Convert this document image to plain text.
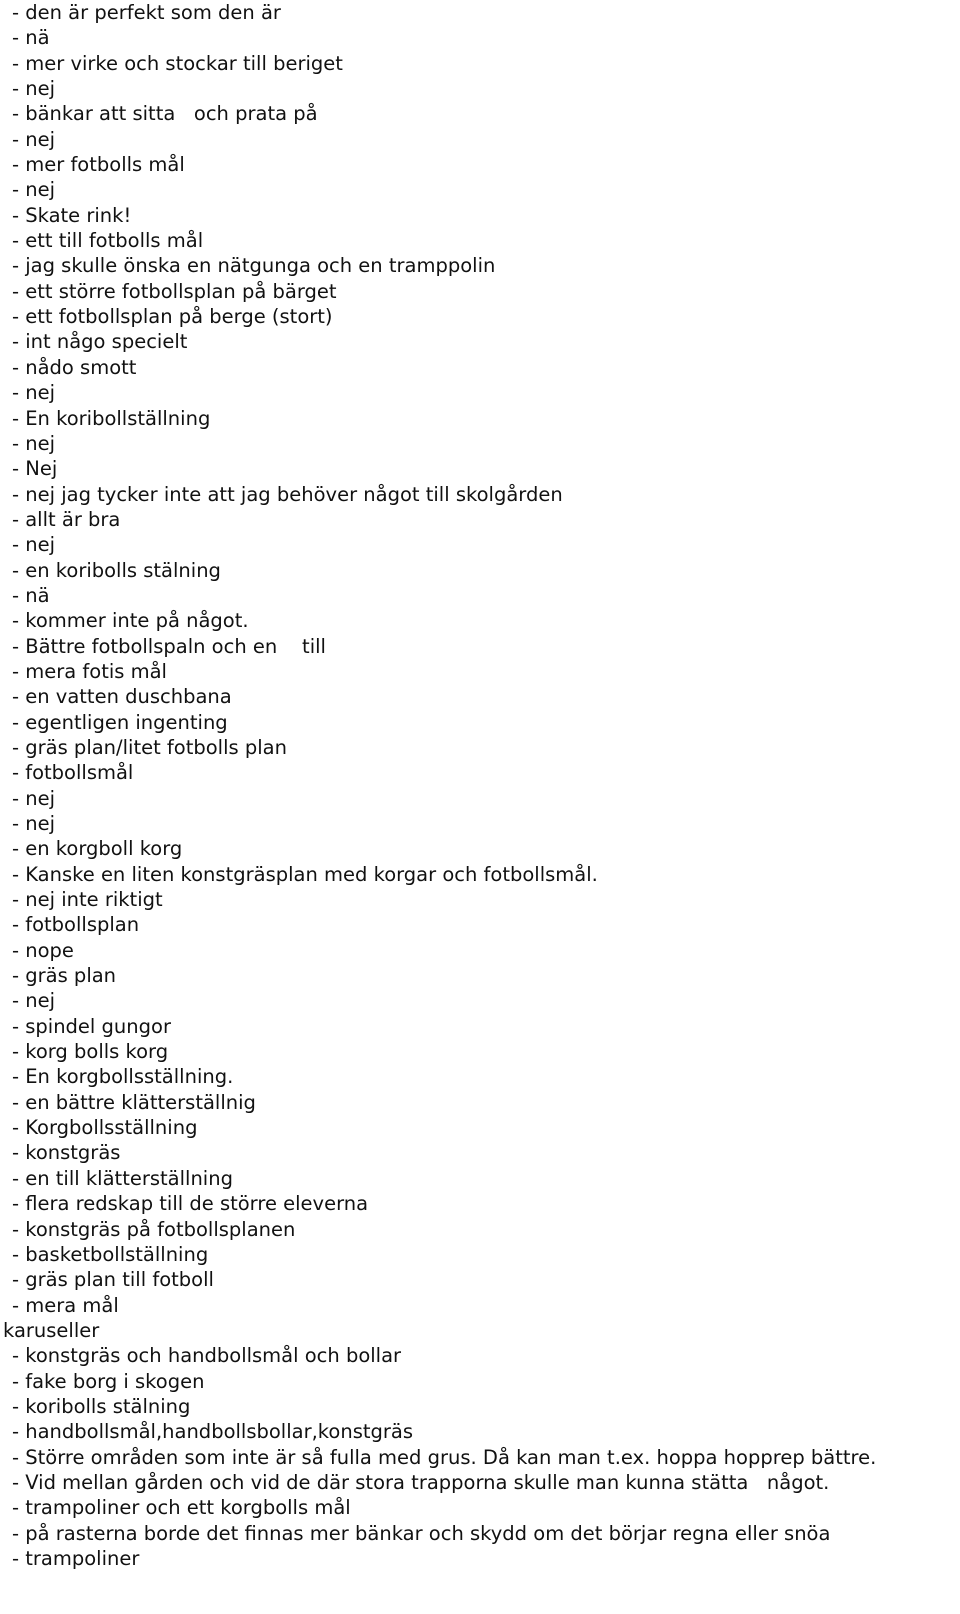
- den är perfekt som den är
- nä
- mer virke och stockar till beriget
- nej
- bänkar att sitta   och prata på
- nej
- mer fotbolls mål
- nej
- Skate rink!
- ett till fotbolls mål
- jag skulle önska en nätgunga och en tramppolin
- ett större fotbollsplan på bärget
- ett fotbollsplan på berge (stort)
- int någo specielt
- nådo smott
- nej
- En koribollställning
- nej
- Nej
- nej jag tycker inte att jag behöver något till skolgården
- allt är bra
- nej
- en koribolls stälning
- nä
- kommer inte på något.
- Bättre fotbollspaln och en    till
- mera fotis mål
- en vatten duschbana
- egentligen ingenting
- gräs plan/litet fotbolls plan
- fotbollsmål
- nej
- nej
- en korgboll korg
- Kanske en liten konstgräsplan med korgar och fotbollsmål.
- nej inte riktigt
- fotbollsplan
- nope
- gräs plan
- nej
- spindel gungor
- korg bolls korg
- En korgbollsställning.
- en bättre klätterställnig
- Korgbollsställning
- konstgräs
- en till klätterställning
- flera redskap till de större eleverna
- konstgräs på fotbollsplanen
- basketbollställning
- gräs plan till fotboll
- mera mål
karuseller
- konstgräs och handbollsmål och bollar
- fake borg i skogen
- koribolls stälning
- handbollsmål,handbollsbollar,konstgräs
- Större områden som inte är så fulla med grus. Då kan man t.ex. hoppa hopprep bättre.
- Vid mellan gården och vid de där stora trapporna skulle man kunna stätta   något.
- trampoliner och ett korgbolls mål
- på rasterna borde det finnas mer bänkar och skydd om det börjar regna eller snöa
- trampoliner
